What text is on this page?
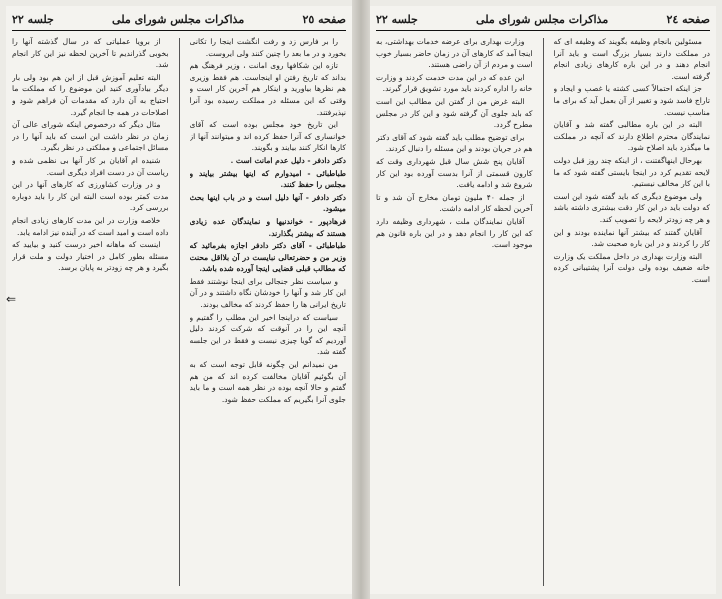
صفحه ٢٥
مذاکرات مجلس شورای ملی
جلسه ٢٢

را بر فارس زد و رفت انگشت اینجا را تکانی بخورد و در ما بعد را چنین کنند ولی ایروست.

تازه این شکافها روی امانت ، وزیر فرهنگ هم بداند که تاریخ رفتن او اینجاست. هم فقط وزیری هم نظرها بیاورید و اینکار هم آخرین کار است و وقتی که این مسئله در مملکت رسیده بود آنرا نپذیرفتند.

این تاریخ خود مجلس بوده است که آقای خوانساری که آنرا حفظ کرده اند و میتوانند آنها از کارها انکار کنند بیایند و بگویند.

دکتر دادفر - دلیل عدم امانت است .

طباطبائی - امیدوارم که اینها بیشتر بیایند و مجلس را حفظ کنند.

دکتر دادفر - آنها دلیل است و در باب اینها بحث میشود.

فرهادپور - خواندنیها و نمایندگان عده زیادی هستند که بیشتر بگذارند.

طباطبائی - آقای دکتر دادفر اجازه بفرمائید که وزیر من و حضرتعالی نبایست در آن بلااقل محنت که مطالب قبلی قضایی اینجا آورده شده باشد.

و سیاست نظر جنجالی برای اینجا نوشتند فقط این کار شد و آنها را خودشان نگاه داشتند و در آن تاریخ ایرانی ها را حفظ کردند که مخالف بودند.

سیاست که دراینجا اخیر این مطلب را گفتیم و آنچه این را در آنوقت که شرکت کردند دلیل آوردیم که گویا چیزی نیست و فقط در این جلسه گفته شد.

من نمیدانم این چگونه قابل توجه است که به آن بگوئیم آقایان مخالفت کرده اند که من هم گفتم و حالا آنچه بوده در نظر همه است و ما باید جلوی آنرا بگیریم که مملکت حفظ شود.

از برویا عملیاتی که در سال گذشته آنها را بخوبی گذراندیم تا آخرین لحظه نیز این کار انجام شد.

البته تعلیم آموزش قبل از این هم بود ولی بار دیگر بیادآوری کنید این موضوع را که مملکت ما احتیاج به آن دارد که مقدمات آن فراهم شود و اصلاحات در همه جا انجام گیرد.

مثال دیگر که درخصوص اینکه شورای عالی آن زمان در نظر داشت این است که باید آنها را در مسائل اجتماعی و مملکتی در نظر بگیرد.

شنیده ام آقایان بر کار آنها بی نظمی شده و ریاست آن در دست افراد دیگری است.

و در وزارت کشاورزی که کارهای آنها در این مدت کمتر بوده است البته این کار را باید دوباره بررسی کرد.

خلاصه وزارت در این مدت کارهای زیادی انجام داده است و امید است که در آینده نیز ادامه یابد.

اینست که ماهانه اخیر درست کنید و بیایید که مسئله بطور کامل در اختیار دولت و ملت قرار بگیرد و هر چه زودتر به پایان برسد.

⇐
صفحه ٢٤
مذاکرات مجلس شورای ملی
جلسه ٢٢

مسئولین بانجام وظیفه بگویند که وظیفه ای که در مملکت دارند بسیار بزرگ است و باید آنرا انجام دهند و در این باره کارهای زیادی انجام گرفته است.

جز اینکه احتمالاً کسی کشته یا غصب و ایجاد و تاراج فاسد شود و تغییر از آن بعمل آید که برای ما مناسب نیست.

البته در این باره مطالبی گفته شد و آقایان نمایندگان محترم اطلاع دارند که آنچه در مملکت ما میگذرد باید اصلاح شود.

بهرحال اینهاگفتنت ، از اینکه چند روز قبل دولت لایحه تقدیم کرد در اینجا بایستی گفته شود که ما با این کار مخالف نیستیم.

ولی موضوع دیگری که باید گفته شود این است که دولت باید در این کار دقت بیشتری داشته باشد و هر چه زودتر لایحه را تصویب کند.

آقایان گفتند که بیشتر آنها نماینده بودند و این کار را کردند و در این باره صحبت شد.

البته وزارت بهداری در داخل مملکت یک وزارت خانه ضعیف بوده ولی دولت آنرا پشتیبانی کرده است.

وزارت بهداری برای عرضه خدمات بهداشتی، به اینجا آمد که کارهای آن در زمان حاضر بسیار خوب است و مردم از آن راضی هستند.

این عده که در این مدت خدمت کردند و وزارت خانه را اداره کردند باید مورد تشویق قرار گیرند.

البته غرض من از گفتن این مطالب این است که باید جلوی آن گرفته شود و این کار در مجلس مطرح گردد.

برای توضیح مطلب باید گفته شود که آقای دکتر هم در جریان بودند و این مسئله را دنبال کردند.

آقایان پنج شش سال قبل شهرداری وقت که کارون قسمتی از آنرا بدست آورده بود این کار شروع شد و ادامه یافت.

از جمله ۴۰ ملیون تومان مخارج آن شد و تا آخرین لحظه کار ادامه داشت.

آقایان نمایندگان ملت ، شهرداری وظیفه دارد که این کار را انجام دهد و در این باره قانون هم موجود است.
